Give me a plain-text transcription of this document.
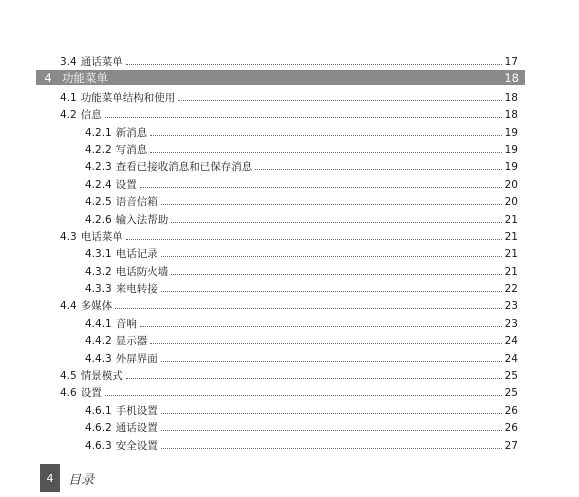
3.4 通话菜单	17
4 功能菜单	18
4.1 功能菜单结构和使用	18
4.2 信息	18
4.2.1 新消息	19
4.2.2 写消息	19
4.2.3 查看已接收消息和已保存消息	19
4.2.4 设置	20
4.2.5 语音信箱	20
4.2.6 输入法帮助	21
4.3 电话菜单	21
4.3.1 电话记录	21
4.3.2 电话防火墙	21
4.3.3 来电转接	22
4.4 多媒体	23
4.4.1 音响	23
4.4.2 显示器	24
4.4.3 外屏界面	24
4.5 情景模式	25
4.6 设置	25
4.6.1 手机设置	26
4.6.2 通话设置	26
4.6.3 安全设置	27
4	目录
